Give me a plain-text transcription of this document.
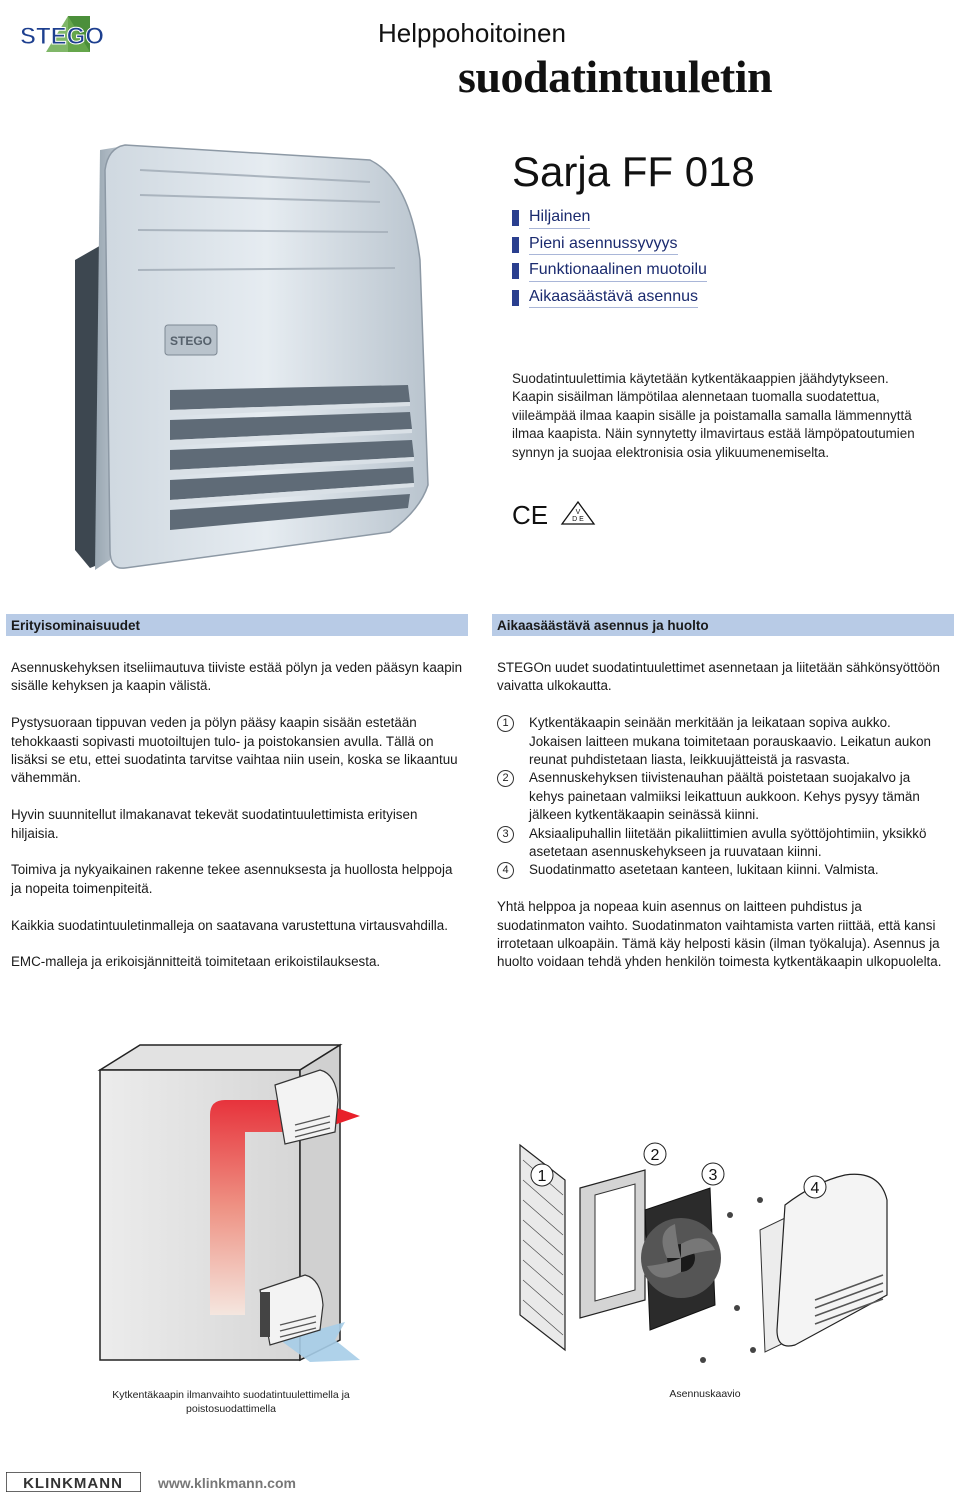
STEGO	Helppohoitoinen
suodatintuuletin
STEGO
Sarja FF 018
Hiljainen
Pieni asennussyvyys
Funktionaalinen muotoilu
Aikaasäästävä asennus
Suodatintuulettimia käytetään kytkentäkaappien jäähdytykseen. Kaapin sisäilman lämpötilaa alennetaan tuomalla suodatettua, viileämpää ilmaa kaapin sisälle ja poistamalla samalla lämmennyttä ilmaa kaapista. Näin synnytetty ilmavirtaus estää lämpöpatoutumien synnyn ja suojaa elektronisia osia ylikuumenemiselta.
CE	V
D E
Erityisominaisuudet	Aikaasäästävä asennus ja huolto

Asennuskehyksen itseliimautuva tiiviste estää pölyn ja veden pääsyn kaapin sisälle kehyksen ja kaapin välistä.

Pystysuoraan tippuvan veden ja pölyn pääsy kaapin sisään estetään tehokkaasti sopivasti muotoiltujen tulo- ja poistokansien avulla. Tällä on lisäksi se etu, ettei suodatinta tarvitse vaihtaa niin usein, koska se likaantuu vähemmän.

Hyvin suunnitellut ilmakanavat tekevät suodatintuulettimista erityisen hiljaisia.

Toimiva ja nykyaikainen rakenne tekee asennuksesta ja huollosta helppoja ja nopeita toimenpiteitä.

Kaikkia suodatintuuletinmalleja on saatavana varustettuna virtausvahdilla.

EMC-malleja ja erikoisjännitteitä toimitetaan erikoistilauksesta.

STEGOn uudet suodatintuulettimet asennetaan ja liitetään sähkönsyöttöön vaivatta ulkokautta.

1	Kytkentäkaapin seinään merkitään ja leikataan sopiva aukko. Jokaisen laitteen mukana toimitetaan porauskaavio. Leikatun aukon reunat puhdistetaan liasta, leikkuujätteistä ja rasvasta.
2	Asennuskehyksen tiivistenauhan päältä poistetaan suojakalvo ja kehys painetaan valmiiksi leikattuun aukkoon. Kehys pysyy tämän jälkeen kytkentäkaapin seinässä kiinni.
3	Aksiaalipuhallin liitetään pikaliittimien avulla syöttöjohtimiin, yksikkö asetetaan asennuskehykseen ja ruuvataan kiinni.
4	Suodatinmatto asetetaan kanteen, lukitaan kiinni. Valmista.

Yhtä helppoa ja nopeaa kuin asennus on laitteen puhdistus ja suodatinmaton vaihto. Suodatinmaton vaihtamista varten riittää, että kansi irrotetaan ulkoapäin. Tämä käy helposti käsin (ilman työkaluja). Asennus ja huolto voidaan tehdä yhden henkilön toimesta kytkentäkaapin ulkopuolelta.

Kytkentäkaapin ilmanvaihto suodatintuulettimella ja poistosuodattimella
1
2
3
4
Asennuskaavio
KLINKMANN	www.klinkmann.com
